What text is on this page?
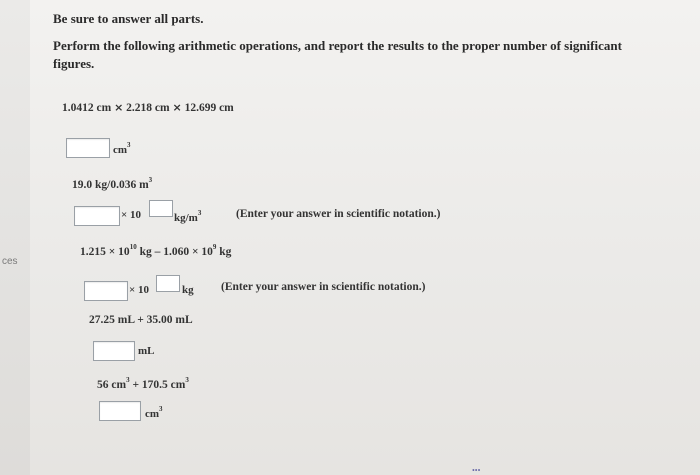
ces
Be sure to answer all parts.
Perform the following arithmetic operations, and report the results to the proper number of significant
figures.
1.0412 cm × 2.218 cm × 12.699 cm
$cm^3$
19.0 kg/0.036 $m^3$
× 10	$kg/m^3$	(Enter your answer in scientific notation.)
$1.215 \times 10^{10}$ kg – $1.060 \times 10^9$ kg
× 10	kg (Enter your answer in scientific notation.)
27.25 mL + 35.00 mL
mL
56 $cm^3 + 170.5$ $cm^3$
$cm^3$
•••
